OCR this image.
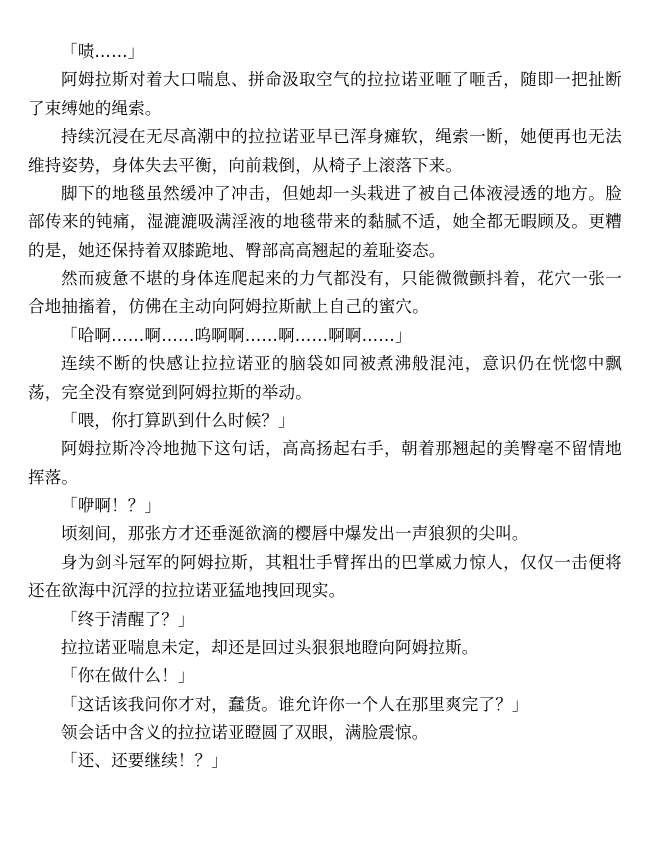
「啧……」

阿姆拉斯对着大口喘息、拼命汲取空气的拉拉诺亚咂了咂舌，随即一把扯断了束缚她的绳索。

持续沉浸在无尽高潮中的拉拉诺亚早已浑身瘫软，绳索一断，她便再也无法维持姿势，身体失去平衡，向前栽倒，从椅子上滚落下来。

脚下的地毯虽然缓冲了冲击，但她却一头栽进了被自己体液浸透的地方。脸部传来的钝痛，湿漉漉吸满淫液的地毯带来的黏腻不适，她全都无暇顾及。更糟的是，她还保持着双膝跪地、臀部高高翘起的羞耻姿态。

然而疲惫不堪的身体连爬起来的力气都没有，只能微微颤抖着，花穴一张一合地抽搐着，仿佛在主动向阿姆拉斯献上自己的蜜穴。

「哈啊……啊……呜啊啊……啊……啊啊……」

连续不断的快感让拉拉诺亚的脑袋如同被煮沸般混沌，意识仍在恍惚中飘荡，完全没有察觉到阿姆拉斯的举动。

「喂，你打算趴到什么时候？」

阿姆拉斯冷冷地抛下这句话，高高扬起右手，朝着那翘起的美臀毫不留情地挥落。

「咿啊！？」

顷刻间，那张方才还垂涎欲滴的樱唇中爆发出一声狼狈的尖叫。

身为剑斗冠军的阿姆拉斯，其粗壮手臂挥出的巴掌威力惊人，仅仅一击便将还在欲海中沉浮的拉拉诺亚猛地拽回现实。

「终于清醒了？」

拉拉诺亚喘息未定，却还是回过头狠狠地瞪向阿姆拉斯。

「你在做什么！」

「这话该我问你才对，蠢货。谁允许你一个人在那里爽完了？」

领会话中含义的拉拉诺亚瞪圆了双眼，满脸震惊。

「还、还要继续！？」
